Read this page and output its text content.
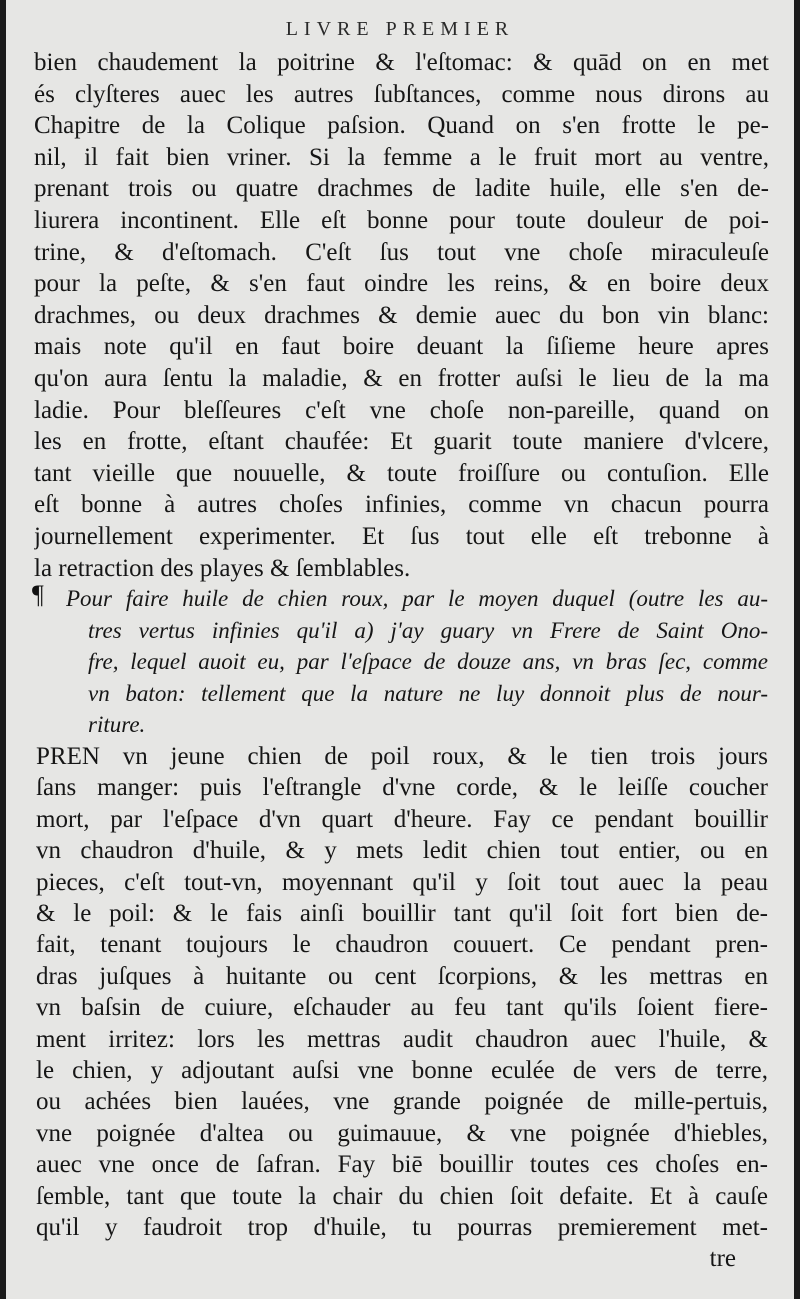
LIVRE PREMIER
bien chaudement la poitrine & l'eſtomac: & quād on en met
és clyſteres auec les autres ſubſtances, comme nous dirons au
Chapitre de la Colique paſsion. Quand on s'en frotte le pe-
nil, il fait bien vriner. Si la femme a le fruit mort au ventre,
prenant trois ou quatre drachmes de ladite huile, elle s'en de-
liurera incontinent. Elle eſt bonne pour toute douleur de poi-
trine, & d'eſtomach. C'eſt ſus tout vne choſe miraculeuſe
pour la peſte, & s'en faut oindre les reins, & en boire deux
drachmes, ou deux drachmes & demie auec du bon vin blanc:
mais note qu'il en faut boire deuant la ſiſieme heure apres
qu'on aura ſentu la maladie, & en frotter auſsi le lieu de la ma
ladie. Pour bleſſeures c'eſt vne choſe non-pareille, quand on
les en frotte, eſtant chaufée: Et guarit toute maniere d'vlcere,
tant vieille que nouuelle, & toute froiſſure ou contuſion. Elle
eſt bonne à autres choſes infinies, comme vn chacun pourra
journellement experimenter. Et ſus tout elle eſt trebonne à
la retraction des playes & ſemblables.
¶ Pour faire huile de chien roux, par le moyen duquel (outre les au-
tres vertus infinies qu'il a) j'ay guary vn Frere de Saint Ono-
fre, lequel auoit eu, par l'eſpace de douze ans, vn bras ſec, comme
vn baton: tellement que la nature ne luy donnoit plus de nour-
riture.
PREN vn jeune chien de poil roux, & le tien trois jours
ſans manger: puis l'eſtrangle d'vne corde, & le leiſſe coucher
mort, par l'eſpace d'vn quart d'heure. Fay ce pendant bouillir
vn chaudron d'huile, & y mets ledit chien tout entier, ou en
pieces, c'eſt tout-vn, moyennant qu'il y ſoit tout auec la peau
& le poil: & le fais ainſi bouillir tant qu'il ſoit fort bien de-
fait, tenant toujours le chaudron couuert. Ce pendant pren-
dras juſques à huitante ou cent ſcorpions, & les mettras en
vn baſsin de cuiure, eſchauder au feu tant qu'ils ſoient fiere-
ment irritez: lors les mettras audit chaudron auec l'huile, &
le chien, y adjoutant auſsi vne bonne eculée de vers de terre,
ou achées bien lauées, vne grande poignée de mille-pertuis,
vne poignée d'altea ou guimauue, & vne poignée d'hiebles,
auec vne once de ſafran. Fay biē bouillir toutes ces choſes en-
ſemble, tant que toute la chair du chien ſoit defaite. Et à cauſe
qu'il y faudroit trop d'huile, tu pourras premierement met-
tre
